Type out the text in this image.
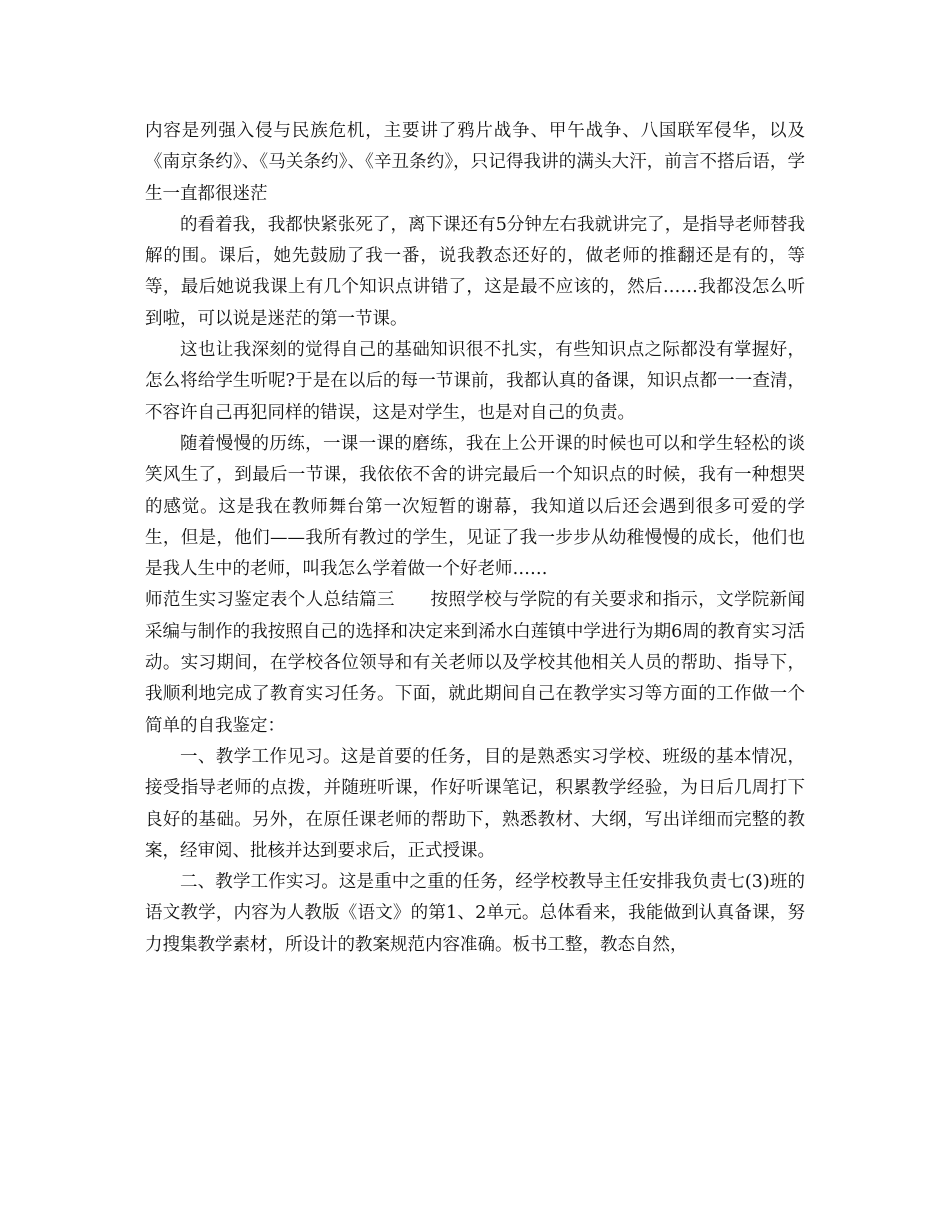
内容是列强入侵与民族危机，主要讲了鸦片战争、甲午战争、八国联军侵华，以及《南京条约》、《马关条约》、《辛丑条约》，只记得我讲的满头大汗，前言不搭后语，学生一直都很迷茫

的看着我，我都快紧张死了，离下课还有5分钟左右我就讲完了，是指导老师替我解的围。课后，她先鼓励了我一番，说我教态还好的，做老师的推翻还是有的，等等，最后她说我课上有几个知识点讲错了，这是最不应该的，然后……我都没怎么听到啦，可以说是迷茫的第一节课。

这也让我深刻的觉得自己的基础知识很不扎实，有些知识点之际都没有掌握好，怎么将给学生听呢?于是在以后的每一节课前，我都认真的备课，知识点都一一查清，不容许自己再犯同样的错误，这是对学生，也是对自己的负责。

随着慢慢的历练，一课一课的磨练，我在上公开课的时候也可以和学生轻松的谈笑风生了，到最后一节课，我依依不舍的讲完最后一个知识点的时候，我有一种想哭的感觉。这是我在教师舞台第一次短暂的谢幕，我知道以后还会遇到很多可爱的学生，但是，他们——我所有教过的学生，见证了我一步步从幼稚慢慢的成长，他们也是我人生中的老师，叫我怎么学着做一个好老师……

师范生实习鉴定表个人总结篇三　　按照学校与学院的有关要求和指示，文学院新闻采编与制作的我按照自己的选择和决定来到浠水白莲镇中学进行为期6周的教育实习活动。实习期间，在学校各位领导和有关老师以及学校其他相关人员的帮助、指导下，我顺利地完成了教育实习任务。下面，就此期间自己在教学实习等方面的工作做一个简单的自我鉴定：

一、教学工作见习。这是首要的任务，目的是熟悉实习学校、班级的基本情况，接受指导老师的点拨，并随班听课，作好听课笔记，积累教学经验，为日后几周打下良好的基础。另外，在原任课老师的帮助下，熟悉教材、大纲，写出详细而完整的教案，经审阅、批核并达到要求后，正式授课。

二、教学工作实习。这是重中之重的任务，经学校教导主任安排我负责七(3)班的语文教学，内容为人教版《语文》的第1、2单元。总体看来，我能做到认真备课，努力搜集教学素材，所设计的教案规范内容准确。板书工整，教态自然，
